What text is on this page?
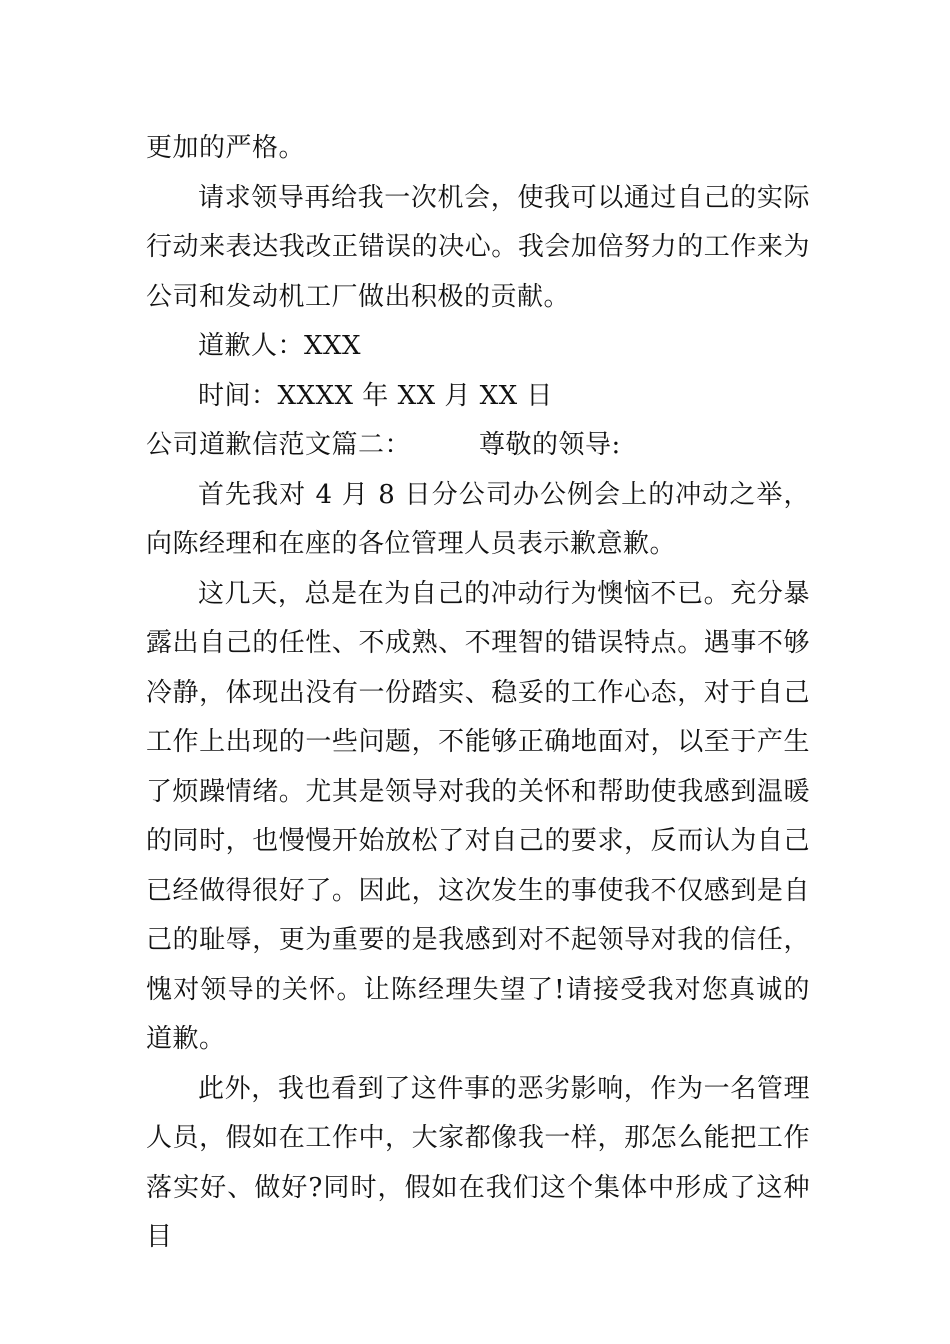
更加的严格。

请求领导再给我一次机会，使我可以通过自己的实际行动来表达我改正错误的决心。我会加倍努力的工作来为公司和发动机工厂做出积极的贡献。

道歉人：XXX

时间：XXXX 年 XX 月 XX 日

公司道歉信范文篇二：	尊敬的领导:

首先我对 4 月 8 日分公司办公例会上的冲动之举，向陈经理和在座的各位管理人员表示歉意歉。

这几天，总是在为自己的冲动行为懊恼不已。充分暴露出自己的任性、不成熟、不理智的错误特点。遇事不够冷静，体现出没有一份踏实、稳妥的工作心态，对于自己工作上出现的一些问题，不能够正确地面对，以至于产生了烦躁情绪。尤其是领导对我的关怀和帮助使我感到温暖的同时，也慢慢开始放松了对自己的要求，反而认为自己已经做得很好了。因此，这次发生的事使我不仅感到是自己的耻辱，更为重要的是我感到对不起领导对我的信任，愧对领导的关怀。让陈经理失望了!请接受我对您真诚的道歉。

此外，我也看到了这件事的恶劣影响，作为一名管理人员，假如在工作中，大家都像我一样，那怎么能把工作落实好、做好?同时，假如在我们这个集体中形成了这种目
